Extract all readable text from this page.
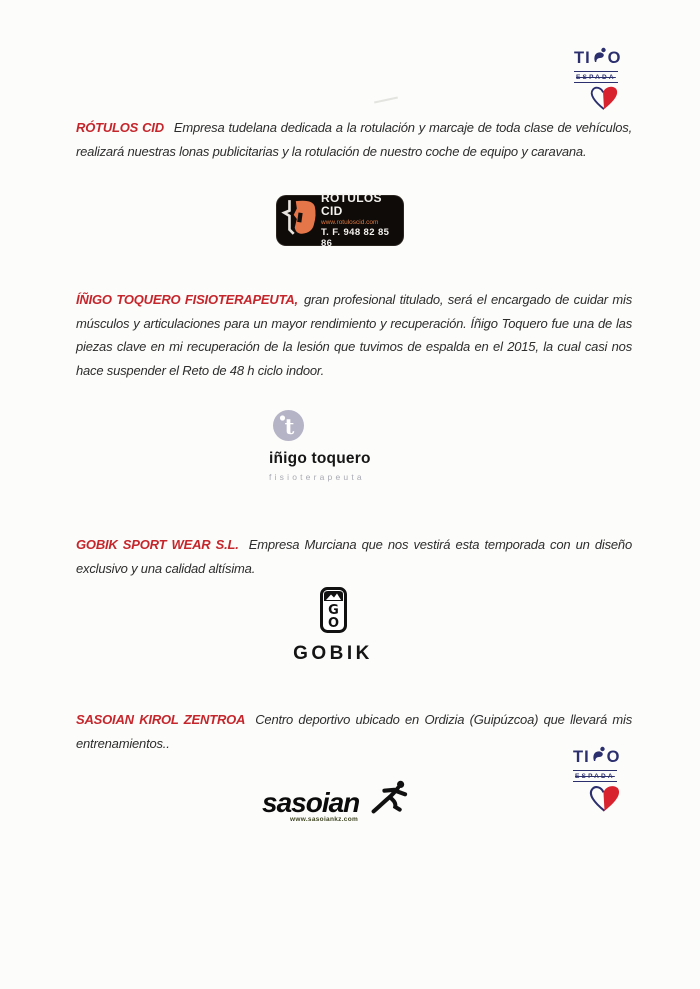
TI O
ESPADA

RÓTULOS CID Empresa tudelana dedicada a la rotulación y marcaje de toda clase de vehículos, realizará nuestras lonas publicitarias y la rotulación de nuestro coche de equipo y caravana.

ROTULOS CID
www.rotuloscid.com
T. F. 948 82 85 86

ÍÑIGO TOQUERO FISIOTERAPEUTA, gran profesional titulado, será el encargado de cuidar mis músculos y articulaciones para un mayor rendimiento y recuperación. Íñigo Toquero fue una de las piezas clave en mi recuperación de la lesión que tuvimos de espalda en el 2015, la cual casi nos hace suspender el Reto de 48 h ciclo indoor.

t
iñigo toquero
fisioterapeuta

GOBIK SPORT WEAR S.L. Empresa Murciana que nos vestirá esta temporada con un diseño exclusivo y una calidad altísima.

G
O
GOBIK

SASOIAN KIROL ZENTROA Centro deportivo ubicado en Ordizia (Guipúzcoa) que llevará mis entrenamientos..

sasoian
www.sasoiankz.com
TI O
ESPADA
